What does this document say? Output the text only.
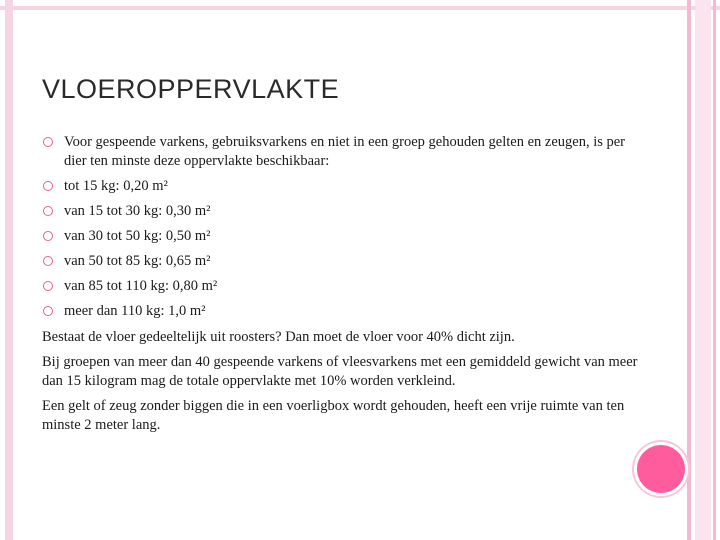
VLOEROPPERVLAKTE
Voor gespeende varkens, gebruiksvarkens en niet in een groep gehouden gelten en zeugen, is per dier ten minste deze oppervlakte beschikbaar:
tot 15 kg: 0,20 m²
van 15 tot 30 kg: 0,30 m²
van 30 tot 50 kg: 0,50 m²
van 50 tot 85 kg: 0,65 m²
van 85 tot 110 kg: 0,80 m²
meer dan 110 kg: 1,0 m²

Bestaat de vloer gedeeltelijk uit roosters? Dan moet de vloer voor 40% dicht zijn.

Bij groepen van meer dan 40 gespeende varkens of vleesvarkens met een gemiddeld gewicht van meer dan 15 kilogram mag de totale oppervlakte met 10% worden verkleind.

Een gelt of zeug zonder biggen die in een voerligbox wordt gehouden, heeft een vrije ruimte van ten minste 2 meter lang.
